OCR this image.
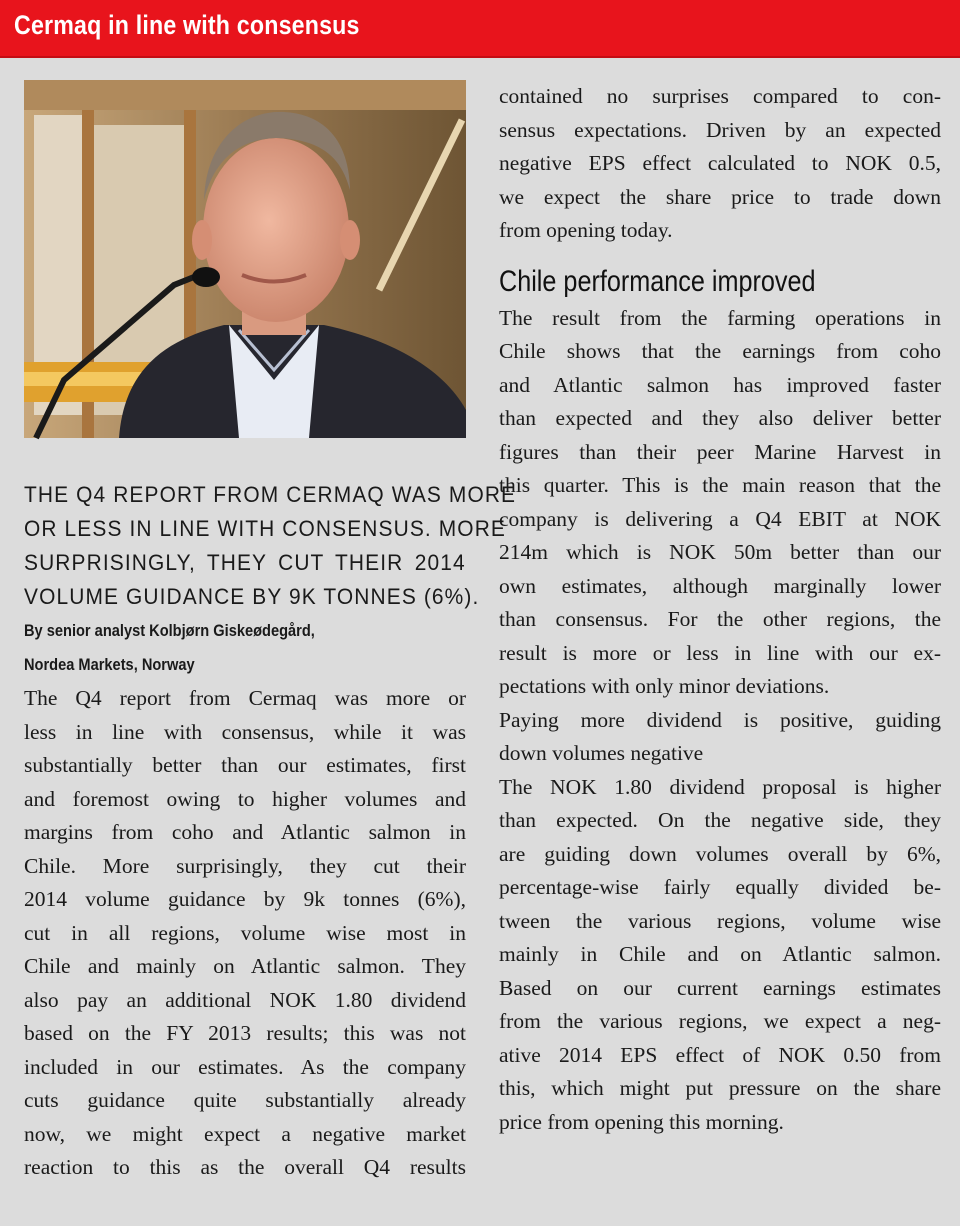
Cermaq in line with consensus
THE Q4 REPORT FROM CERMAQ WAS MORE
OR LESS IN LINE WITH CONSENSUS. MORE
SURPRISINGLY, THEY CUT THEIR 2014
VOLUME GUIDANCE BY 9K TONNES (6%).
By senior analyst Kolbjørn Giskeødegård,
Nordea Markets, Norway
The Q4 report from Cermaq was more or
less in line with consensus, while it was
substantially better than our estimates, first
and foremost owing to higher volumes and
margins from coho and Atlantic salmon in
Chile. More surprisingly, they cut their
2014 volume guidance by 9k tonnes (6%),
cut in all regions, volume wise most in
Chile and mainly on Atlantic salmon. They
also pay an additional NOK 1.80 dividend
based on the FY 2013 results; this was not
included in our estimates. As the company
cuts guidance quite substantially already
now, we might expect a negative market
reaction to this as the overall Q4 results
contained no surprises compared to con-
sensus expectations. Driven by an expected
negative EPS effect calculated to NOK 0.5,
we expect the share price to trade down
from opening today.
Chile performance improved
The result from the farming operations in
Chile shows that the earnings from coho
and Atlantic salmon has improved faster
than expected and they also deliver better
figures than their peer Marine Harvest in
this quarter. This is the main reason that the
company is delivering a Q4 EBIT at NOK
214m which is NOK 50m better than our
own estimates, although marginally lower
than consensus. For the other regions, the
result is more or less in line with our ex-
pectations with only minor deviations.
Paying more dividend is positive, guiding
down volumes negative
The NOK 1.80 dividend proposal is higher
than expected. On the negative side, they
are guiding down volumes overall by 6%,
percentage-wise fairly equally divided be-
tween the various regions, volume wise
mainly in Chile and on Atlantic salmon.
Based on our current earnings estimates
from the various regions, we expect a neg-
ative 2014 EPS effect of NOK 0.50 from
this, which might put pressure on the share
price from opening this morning.
